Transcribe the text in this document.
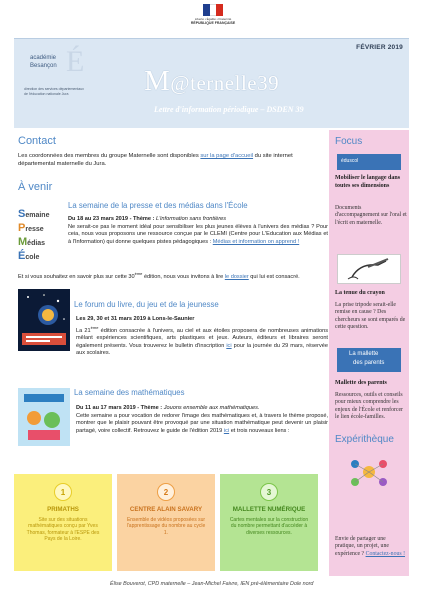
Liberté • Égalité • Fraternité
RÉPUBLIQUE FRANÇAISE
académie
Besançon É
direction des services départementaux de l'éducation nationale Jura
FÉVRIER 2019
M@ternelle39
Lettre d'information périodique – DSDEN 39
Contact
Les coordonnées des membres du groupe Maternelle sont disponibles sur la page d'accueil du site internet départemental maternelle du Jura.
À venir
Semaine
Presse
Médias
École
La semaine de la presse et des médias dans l'École
Du 18 au 23 mars 2019 - Thème : L'information sans frontières
Ne serait-ce pas le moment idéal pour sensibiliser les plus jeunes élèves à l'univers des médias ? Pour ceia, nous vous proposons une ressource conçue par le CLEMI (Centre pour L'Education aux Médias et à l'Information) qui donne quelques pistes pédagogiques : Médias et information on apprend !
Et si vous souhaitez en savoir plus sur cette 30ème édition, nous vous invitons à lire le dossier qui lui est consacré.
Le forum du livre, du jeu et de la jeunesse
Les 29, 30 et 31 mars 2019 à Lons-le-Saunier
La 21ème édition consacrée à l'univers, au ciel et aux étoiles proposera de nombreuses animations mêlant expériences scientifiques, arts plastiques et jeux. Auteurs, éditeurs et libraires seront également présents. Vous trouverez le bulletin d'inscription ici pour la journée du 29 mars, réservée aux scolaires.
La semaine des mathématiques
Du 11 au 17 mars 2019 - Thème : Jouons ensemble aux mathématiques.
Cette semaine a pour vocation de redorer l'image des mathématiques et, à travers le thème proposé, montrer que le plaisir pouvant être provoqué par une situation mathématique peut devenir un plaisir partagé, voire collectif. Retrouvez le guide de l'édition 2019 ici et trois nouveaux liens :
1
PRIMATHS
Site sur des situations mathématiques conçu par Yves Thomas, formateur à l'ESPE des Pays de la Loire.
2
CENTRE ALAIN SAVARY
Ensemble de vidéos proposées sur l'apprentissage du nombre au cycle 1.
3
MALLETTE NUMÉRIQUE
Cartes mentales sur la construction du nombre permettant d'accéder à diverses ressources.
Focus
éduscol
Mobiliser le langage dans toutes ses dimensions
Documents d'accompagnement sur l'oral et l'écrit en maternelle.
La tenue du crayon
La prise tripode serait-elle remise en cause ? Des chercheurs se sont emparés de cette question.
La mallette
des parents
Mallette des parents
Ressources, outils et conseils pour mieux comprendre les enjeux de l'École et renforcer le lien école-familles.
Expérithèque
Envie de partager une pratique, un projet, une expérience ? Contactez-nous !
Élise Bouverot, CPD maternelle – Jean-Michel Faivre, IEN pré-élémentaire Dole nord
